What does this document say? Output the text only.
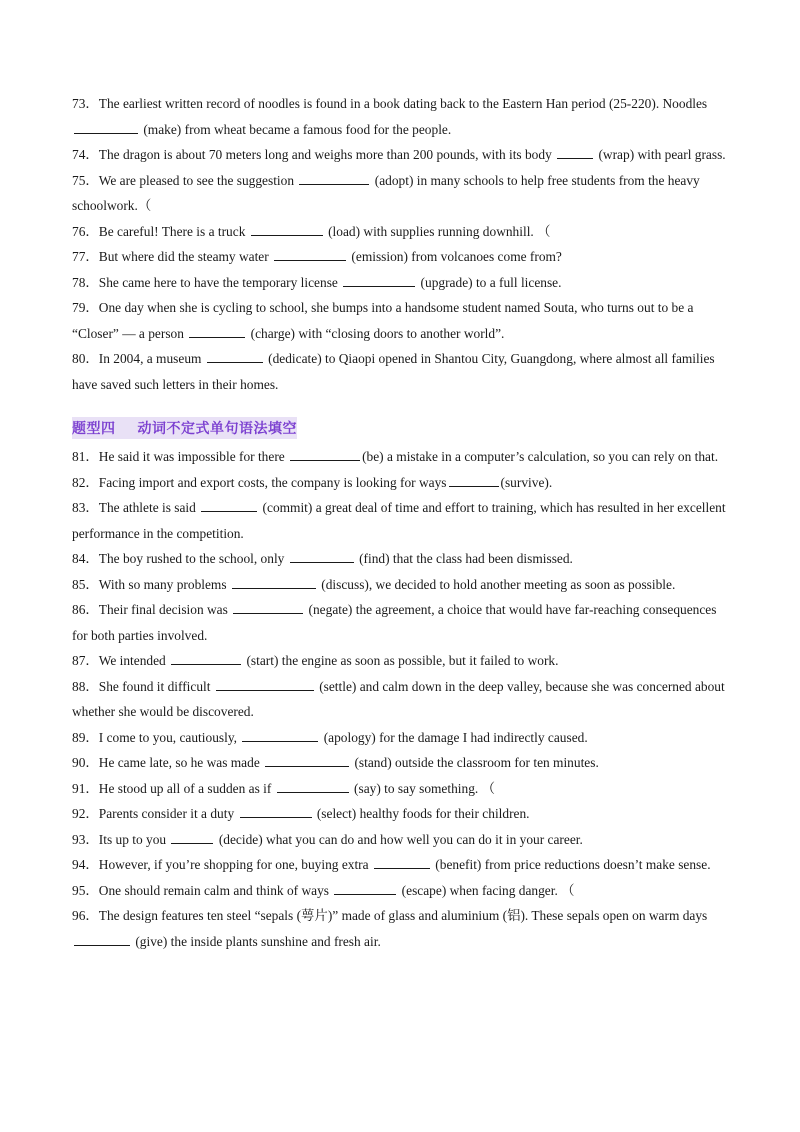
73．The earliest written record of noodles is found in a book dating back to the Eastern Han period (25-220). Noodles  (make) from wheat became a famous food for the people.

74．The dragon is about 70 meters long and weighs more than 200 pounds, with its body	(wrap) with pearl grass.

75．We are pleased to see the suggestion	(adopt) in many schools to help free students from the heavy schoolwork.（

76．Be careful! There is a truck	(load) with supplies running downhill. （

77．But where did the steamy water	(emission) from volcanoes come from?

78．She came here to have the temporary license	(upgrade) to a full license.

79．One day when she is cycling to school, she bumps into a handsome student named Souta, who turns out to be a “Closer” — a person	(charge) with “closing doors to another world”.

80．In 2004, a museum	(dedicate) to Qiaopi opened in Shantou City, Guangdong, where almost all families have saved such letters in their homes.

题型四 动词不定式单句语法填空

81．He said it was impossible for there	(be) a mistake in a computer’s calculation, so you can rely on that.

82．Facing import and export costs, the company is looking for ways	(survive).

83．The athlete is said	(commit) a great deal of time and effort to training, which has resulted in her excellent performance in the competition.

84．The boy rushed to the school, only	(find) that the class had been dismissed.

85．With so many problems	(discuss), we decided to hold another meeting as soon as possible.

86．Their final decision was	(negate) the agreement, a choice that would have far-reaching consequences for both parties involved.

87．We intended	(start) the engine as soon as possible, but it failed to work.

88．She found it difficult	(settle) and calm down in the deep valley, because she was concerned about whether she would be discovered.

89．I come to you, cautiously,	(apology) for the damage I had indirectly caused.

90．He came late, so he was made	(stand) outside the classroom for ten minutes.

91．He stood up all of a sudden as if	(say) to say something. （

92．Parents consider it a duty	(select) healthy foods for their children.

93．Its up to you	(decide) what you can do and how well you can do it in your career.

94．However, if you’re shopping for one, buying extra	(benefit) from price reductions doesn’t make sense.

95．One should remain calm and think of ways	(escape) when facing danger. （

96．The design features ten steel “sepals (萼片)” made of glass and aluminium (铝). These sepals open on warm days  (give) the inside plants sunshine and fresh air.
